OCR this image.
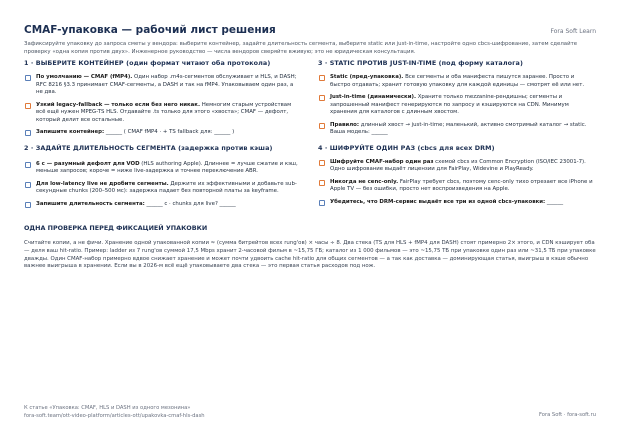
CMAF-упаковка — рабочий лист решения	Fora Soft Learn
Зафиксируйте упаковку до запроса сметы у вендора: выберите контейнер, задайте длительность сегмента, выберите static или just-in-time, настройте одно cbcs-шифрование, затем сделайте проверку «одна копия против двух». Инженерное руководство — числа вендоров сверяйте вживую; это не юридическая консультация.
1 · ВЫБЕРИТЕ КОНТЕЙНЕР (один формат читают оба протокола)
По умолчанию — CMAF (fMP4). Один набор .m4s-сегментов обслуживает и HLS, и DASH; RFC 8216 §3.3 принимает CMAF-сегменты, а DASH и так на fMP4. Упаковываем один раз, а не два.
Узкий legacy-fallback — только если без него никак. Немногим старым устройствам всё ещё нужен MPEG-TS HLS. Отдавайте .ts только для этого «хвоста»; CMAF — дефолт, который делит все остальные.
Запишите контейнер: ______ ( CMAF fMP4 · + TS fallback для: ______ )
2 · ЗАДАЙТЕ ДЛИТЕЛЬНОСТЬ СЕГМЕНТА (задержка против кэша)
6 с — разумный дефолт для VOD (HLS authoring Apple). Длиннее = лучше сжатие и кэш, меньше запросов; короче = ниже live-задержка и точнее переключение ABR.
Для low-latency live не дробите сегменты. Держите их эффективными и добавьте sub-секундные chunks (200–500 мс): задержка падает без повторной платы за keyframe.
Запишите длительность сегмента: ______ с · chunks для live? ______
3 · STATIC ПРОТИВ JUST-IN-TIME (под форму каталога)
Static (пред-упаковка). Все сегменты и оба манифеста пишутся заранее. Просто и быстро отдавать; хранит готовую упаковку для каждой единицы — смотрят её или нет.
Just-in-time (динамически). Храните только mezzanine-рендишны; сегменты и запрошенный манифест генерируются по запросу и кэшируются на CDN. Минимум хранения для каталогов с длинным хвостом.
Правило: длинный хвост → just-in-time; маленький, активно смотримый каталог → static. Ваша модель: ______
4 · ШИФРУЙТЕ ОДИН РАЗ (cbcs для всех DRM)
Шифруйте CMAF-набор один раз схемой cbcs из Common Encryption (ISO/IEC 23001-7). Одно шифрование выдаёт лицензии для FairPlay, Widevine и PlayReady.
Никогда не cenc-only. FairPlay требует cbcs, поэтому cenc-only тихо отрезает все iPhone и Apple TV — без ошибки, просто нет воспроизведения на Apple.
Убедитесь, что DRM-сервис выдаёт все три из одной cbcs-упаковки: ______
ОДНА ПРОВЕРКА ПЕРЕД ФИКСАЦИЕЙ УПАКОВКИ
Считайте копии, а не фичи. Хранение одной упакованной копии ≈ (сумма битрейтов всех rung'ов) × часы ÷ 8. Два стека (TS для HLS + fMP4 для DASH) стоят примерно 2× этого, и CDN кэширует оба — деля ваш hit-ratio. Пример: ladder из 7 rung'ов суммой 17,5 Mbps хранит 2-часовой фильм в ~15,75 ГБ; каталог из 1 000 фильмов — это ~15,75 ТБ при упаковке один раз или ~31,5 ТБ при упаковке дважды. Один CMAF-набор примерно вдвое снижает хранение и может почти удвоить cache hit-ratio для общих сегментов — а так как доставка — доминирующая статья, выигрыш в кэше обычно важнее выигрыша в хранении. Если вы в 2026-м всё ещё упаковываете два стека — это первая статья расходов под нож.
К статье «Упаковка: CMAF, HLS и DASH из одного мезонина»
fora-soft.team/ott-video-platform/articles-ott/upakovka-cmaf-hls-dash	Fora Soft · fora-soft.ru
